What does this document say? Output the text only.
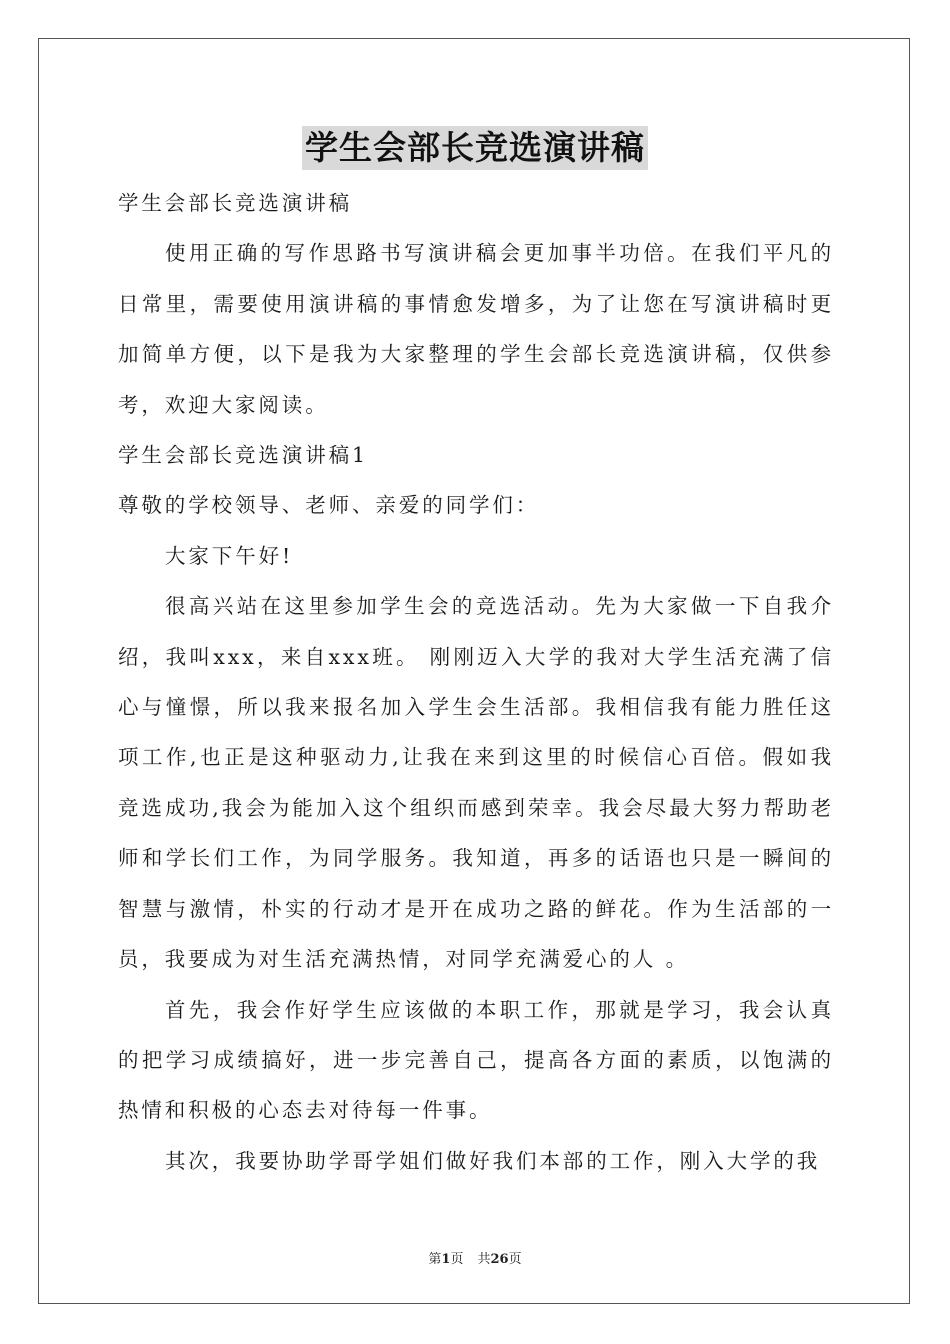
学生会部长竞选演讲稿

学生会部长竞选演讲稿

使用正确的写作思路书写演讲稿会更加事半功倍。在我们平凡的日常里，需要使用演讲稿的事情愈发增多，为了让您在写演讲稿时更加简单方便，以下是我为大家整理的学生会部长竞选演讲稿，仅供参考，欢迎大家阅读。

学生会部长竞选演讲稿1

尊敬的学校领导、老师、亲爱的同学们：

大家下午好!

很高兴站在这里参加学生会的竞选活动。先为大家做一下自我介绍，我叫xxx，来自xxx班。 刚刚迈入大学的我对大学生活充满了信心与憧憬，所以我来报名加入学生会生活部。我相信我有能力胜任这项工作,也正是这种驱动力,让我在来到这里的时候信心百倍。假如我竞选成功,我会为能加入这个组织而感到荣幸。我会尽最大努力帮助老师和学长们工作，为同学服务。我知道，再多的话语也只是一瞬间的智慧与激情，朴实的行动才是开在成功之路的鲜花。作为生活部的一员，我要成为对生活充满热情，对同学充满爱心的人 。

首先，我会作好学生应该做的本职工作，那就是学习，我会认真的把学习成绩搞好，进一步完善自己，提高各方面的素质，以饱满的热情和积极的心态去对待每一件事。

其次，我要协助学哥学姐们做好我们本部的工作，刚入大学的我

第1页 共26页
